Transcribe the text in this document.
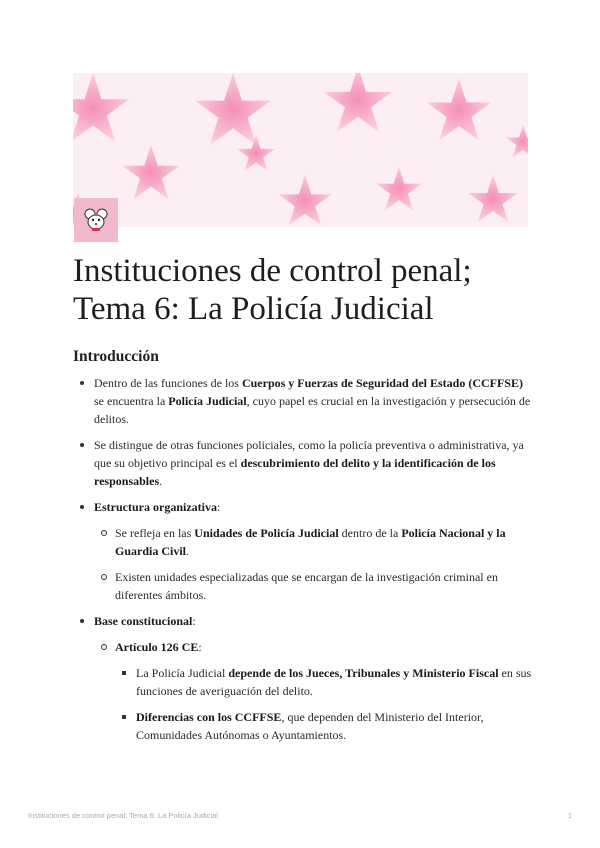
Instituciones de control penal;
Tema 6: La Policía Judicial
Introducción
Dentro de las funciones de los Cuerpos y Fuerzas de Seguridad del Estado (CCFFSE) se encuentra la Policía Judicial, cuyo papel es crucial en la investigación y persecución de delitos.
Se distingue de otras funciones policiales, como la policía preventiva o administrativa, ya que su objetivo principal es el descubrimiento del delito y la identificación de los responsables.
Estructura organizativa:
Se refleja en las Unidades de Policía Judicial dentro de la Policía Nacional y la Guardia Civil.
Existen unidades especializadas que se encargan de la investigación criminal en diferentes ámbitos.
Base constitucional:
Artículo 126 CE:
La Policía Judicial depende de los Jueces, Tribunales y Ministerio Fiscal en sus funciones de averiguación del delito.
Diferencias con los CCFFSE, que dependen del Ministerio del Interior, Comunidades Autónomas o Ayuntamientos.
Instituciones de control penal; Tema 6: La Policía Judicial	1
